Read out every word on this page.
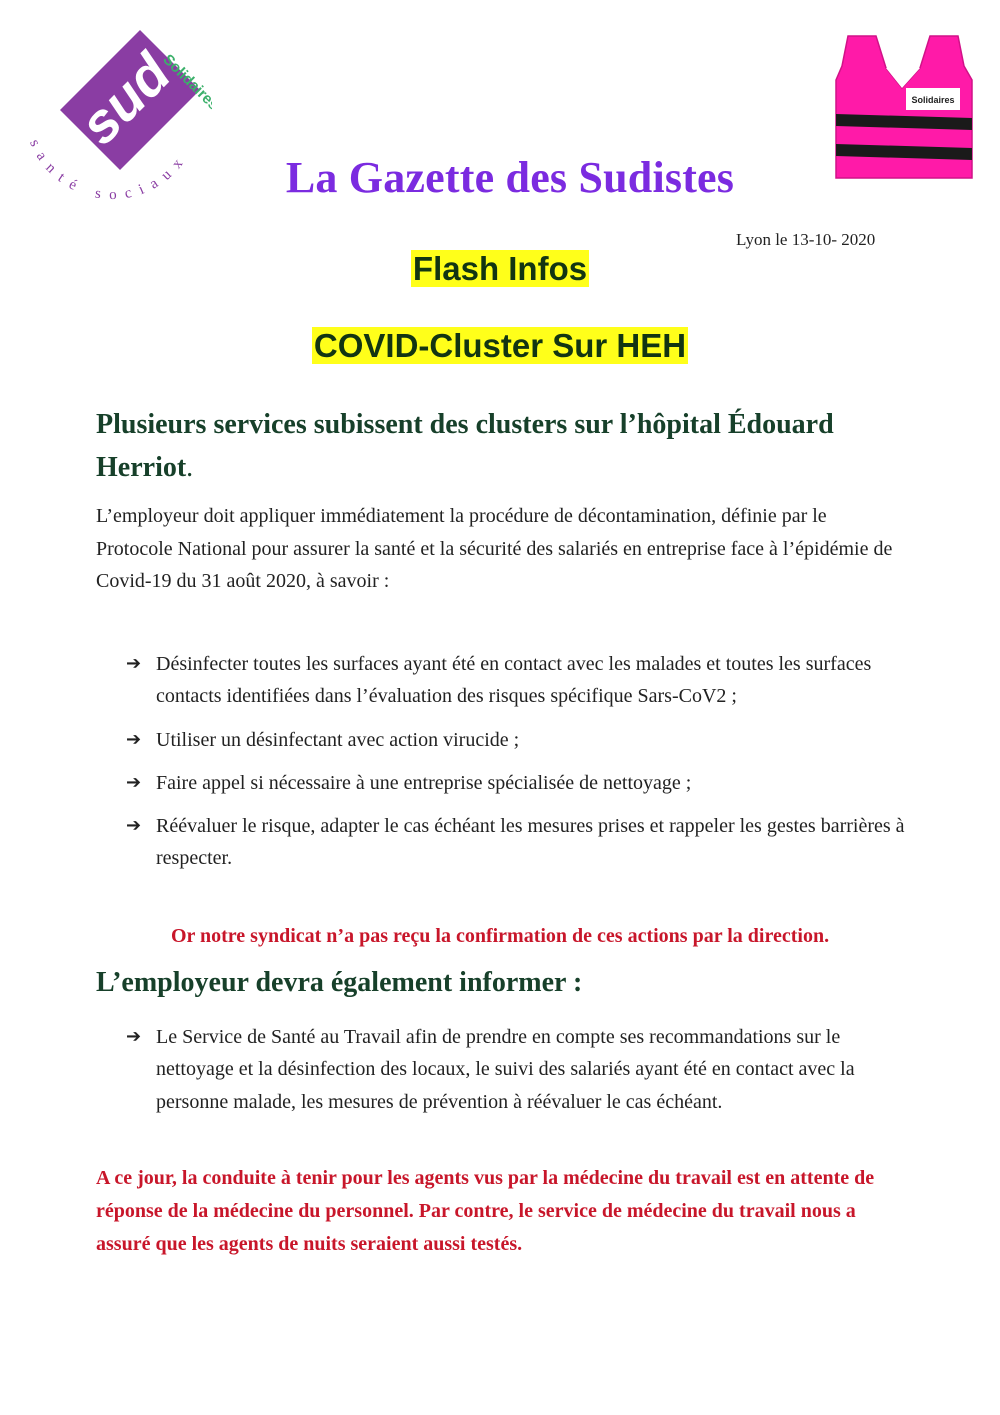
sud
Solidaires
santé sociaux
Solidaires
La Gazette des Sudistes
Lyon le 13-10- 2020
Flash Infos
COVID-Cluster Sur HEH
Plusieurs services subissent des clusters sur l’hôpital Édouard Herriot.
L’employeur doit appliquer immédiatement la procédure de décontamination, définie par le Protocole National pour assurer la santé et la sécurité des salariés en entreprise face à l’épidémie de Covid-19 du 31 août 2020, à savoir :
➔ Désinfecter toutes les surfaces ayant été en contact avec les malades et toutes les surfaces contacts identifiées dans l’évaluation des risques spécifique Sars-CoV2 ;
➔ Utiliser un désinfectant avec action virucide ;
➔ Faire appel si nécessaire à une entreprise spécialisée de nettoyage ;
➔ Réévaluer le risque, adapter le cas échéant les mesures prises et rappeler les gestes barrières à respecter.
Or notre syndicat n’a pas reçu la confirmation de ces actions par la direction.
L’employeur devra également informer :
➔ Le Service de Santé au Travail afin de prendre en compte ses recommandations sur le nettoyage et la désinfection des locaux, le suivi des salariés ayant été en contact avec la personne malade, les mesures de prévention à réévaluer le cas échéant.
A ce jour, la conduite à tenir pour les agents vus par la médecine du travail est en attente de réponse de la médecine du personnel. Par contre, le service de médecine du travail nous a assuré que les agents de nuits seraient aussi testés.
